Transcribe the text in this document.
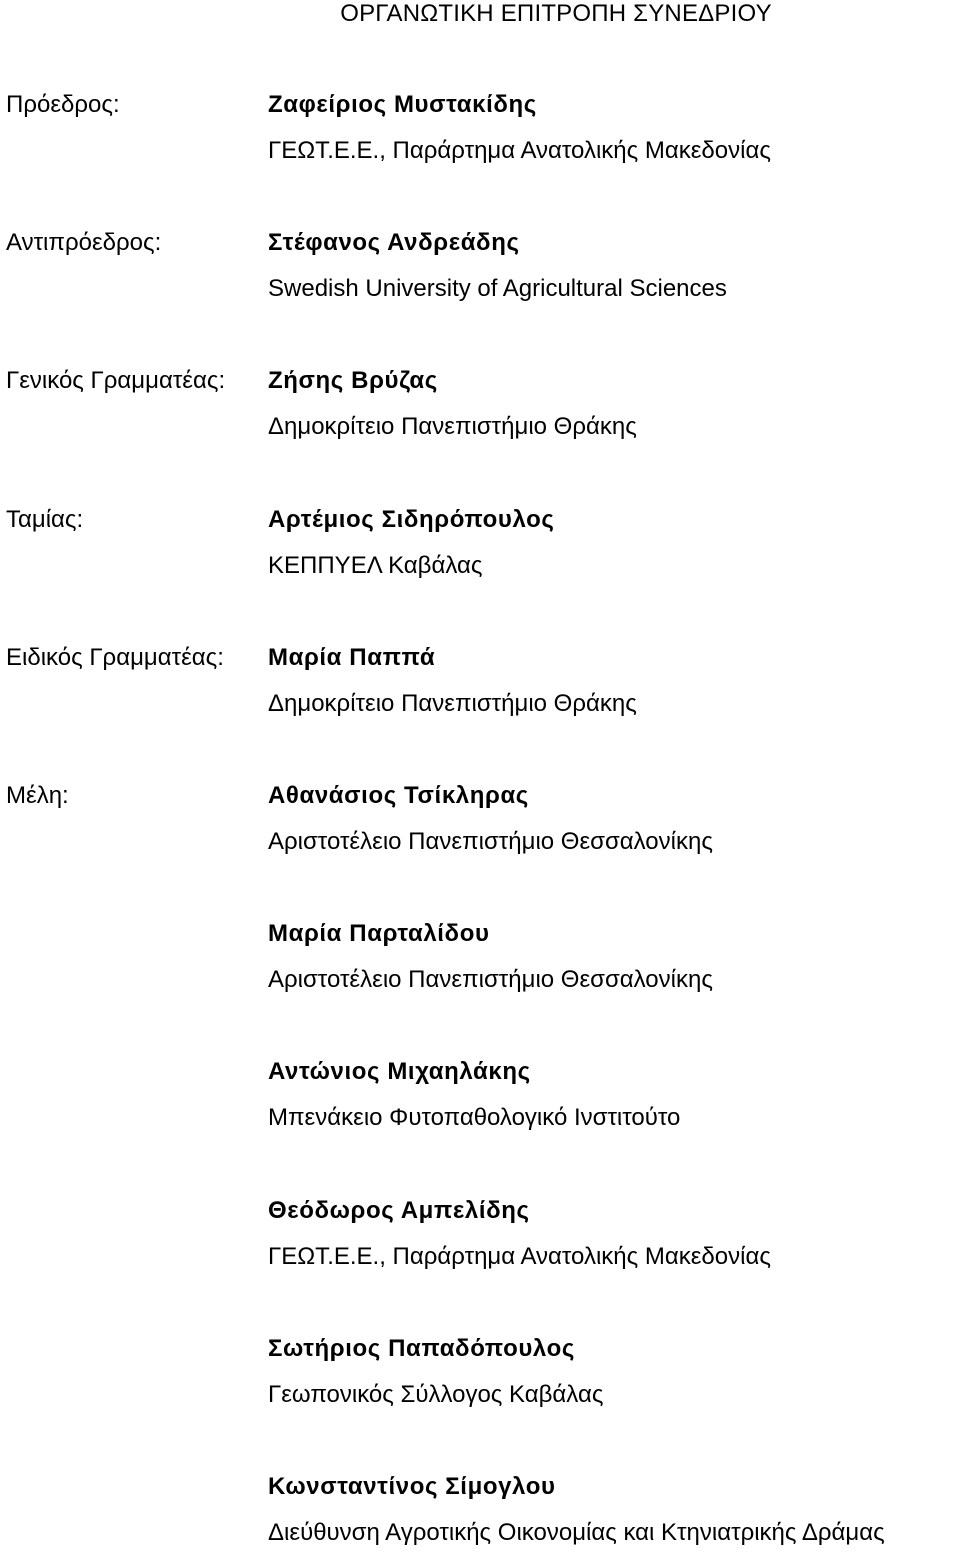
ΟΡΓΑΝΩΤΙΚΗ ΕΠΙΤΡΟΠΗ ΣΥΝΕΔΡΙΟΥ
Πρόεδρος:
Αντιπρόεδρος:
Γενικός Γραμματέας:
Ταμίας:
Ειδικός Γραμματέας:
Μέλη:
Ζαφείριος Μυστακίδης
ΓΕΩΤ.Ε.Ε., Παράρτημα Ανατολικής Μακεδονίας
Στέφανος Ανδρεάδης
Swedish University of Agricultural Sciences
Ζήσης Βρύζας
Δημοκρίτειο Πανεπιστήμιο Θράκης
Αρτέμιος Σιδηρόπουλος
ΚΕΠΠΥΕΛ Καβάλας
Μαρία Παππά
Δημοκρίτειο Πανεπιστήμιο Θράκης
Αθανάσιος Τσίκληρας
Αριστοτέλειο Πανεπιστήμιο Θεσσαλονίκης
Μαρία Παρταλίδου
Αριστοτέλειο Πανεπιστήμιο Θεσσαλονίκης
Αντώνιος Μιχαηλάκης
Μπενάκειο Φυτοπαθολογικό Ινστιτούτο
Θεόδωρος Αμπελίδης
ΓΕΩΤ.Ε.Ε., Παράρτημα Ανατολικής Μακεδονίας
Σωτήριος Παπαδόπουλος
Γεωπονικός Σύλλογος Καβάλας
Κωνσταντίνος Σίμογλου
Διεύθυνση Αγροτικής Οικονομίας και Κτηνιατρικής Δράμας
